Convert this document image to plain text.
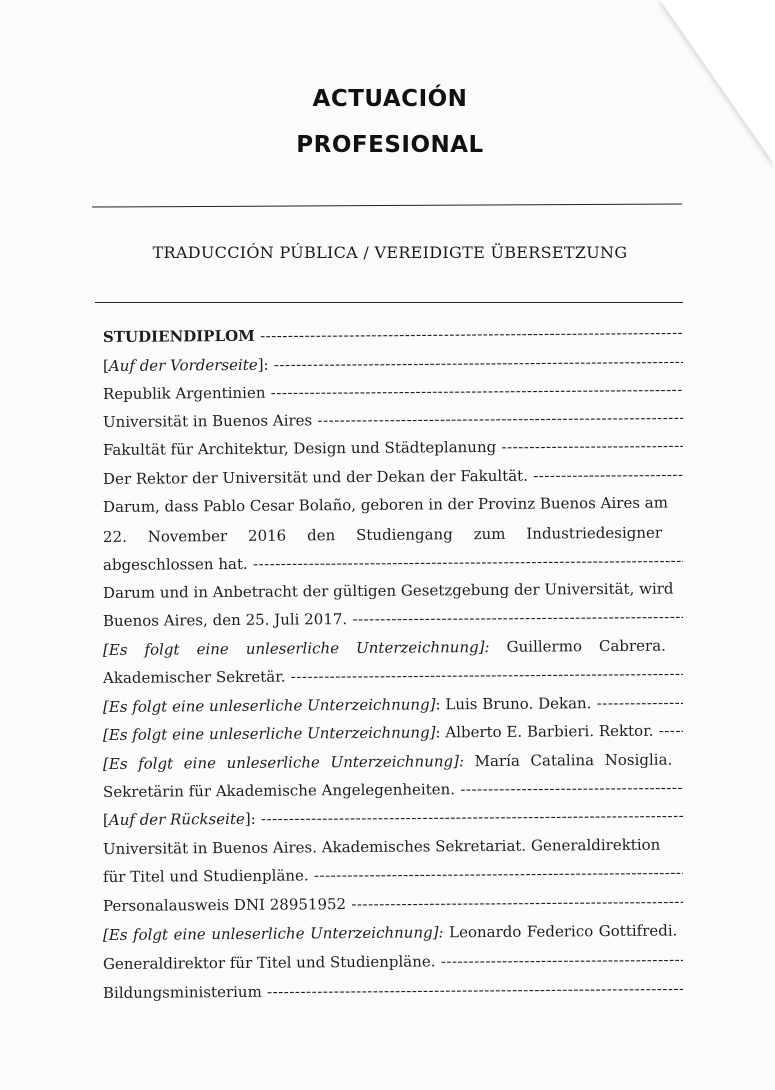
ACTUACIÓN
PROFESIONAL
TRADUCCIÓN PÚBLICA / VEREIDIGTE ÜBERSETZUNG
STUDIENDIPLOM -----
[Auf der Vorderseite]: -----
Republik Argentinien -----
Universität in Buenos Aires -----
Fakultät für Architektur, Design und Städteplanung -----
Der Rektor der Universität und der Dekan der Fakultät. -----
Darum, dass Pablo Cesar Bolaño, geboren in der Provinz Buenos Aires am
22. November 2016 den Studiengang zum Industriedesigner
abgeschlossen hat. -----
Darum und in Anbetracht der gültigen Gesetzgebung der Universität, wird
Buenos Aires, den 25. Juli 2017. -----
[Es folgt eine unleserliche Unterzeichnung]: Guillermo Cabrera.
Akademischer Sekretär. -----
[Es folgt eine unleserliche Unterzeichnung]: Luis Bruno. Dekan. -----
[Es folgt eine unleserliche Unterzeichnung]: Alberto E. Barbieri. Rektor. -----
[Es folgt eine unleserliche Unterzeichnung]: María Catalina Nosiglia.
Sekretärin für Akademische Angelegenheiten. -----
[Auf der Rückseite]: -----
Universität in Buenos Aires. Akademisches Sekretariat. Generaldirektion
für Titel und Studienpläne. -----
Personalausweis DNI 28951952 -----
[Es folgt eine unleserliche Unterzeichnung]: Leonardo Federico Gottifredi.
Generaldirektor für Titel und Studienpläne. -----
Bildungsministerium -----
